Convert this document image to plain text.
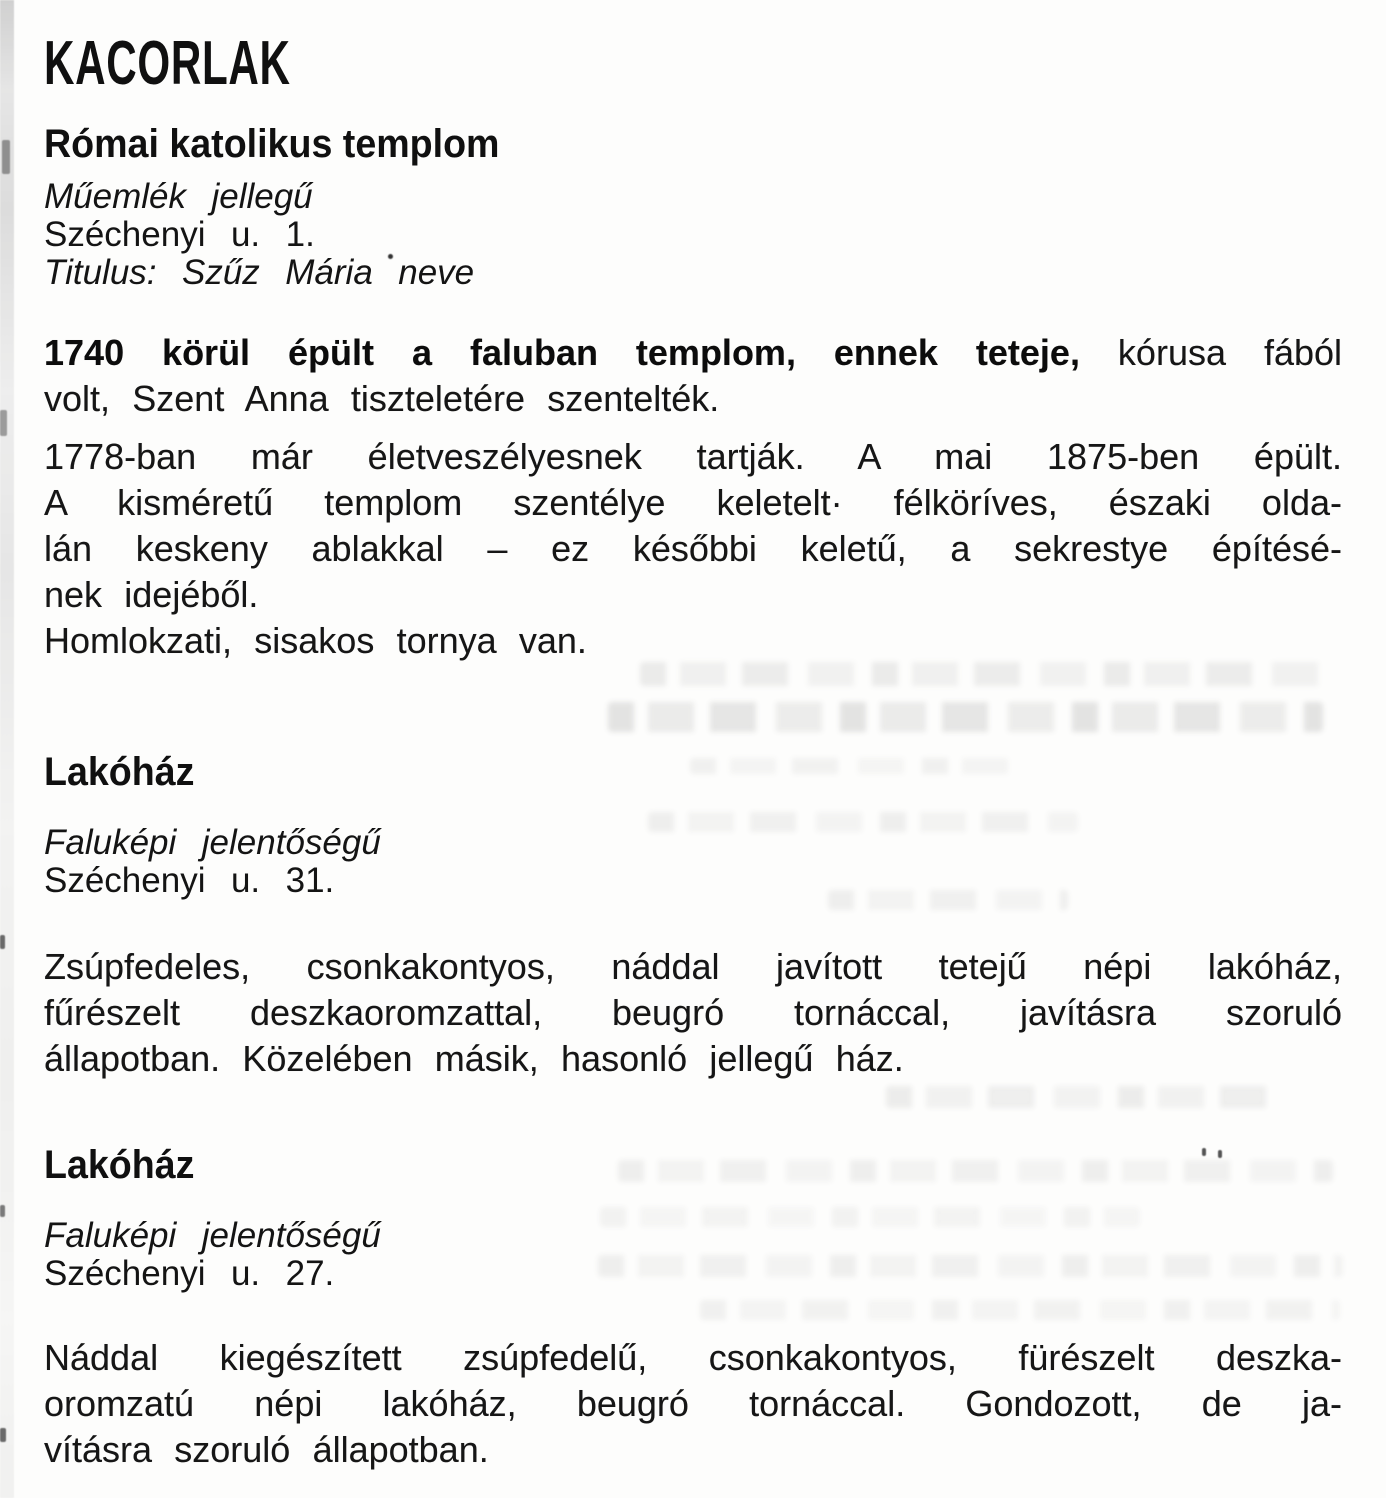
KACORLAK
Római katolikus templom

Műemlék jellegű

Széchenyi u. 1.

Titulus: Szűz Mária neve

1740 körül épült a faluban templom, ennek teteje, kórusa fából
volt, Szent Anna tiszteletére szentelték.
1778-ban már életveszélyesnek tartják. A mai 1875-ben épült.
A kisméretű templom szentélye keletelt· félköríves, északi olda-
lán keskeny ablakkal – ez későbbi keletű, a sekrestye építésé-
nek idejéből.
Homlokzati, sisakos tornya van.
Lakóház

Faluképi jelentőségű

Széchenyi u. 31.

Zsúpfedeles, csonkakontyos, náddal javított tetejű népi lakóház,
fűrészelt deszkaoromzattal, beugró tornáccal, javításra szoruló
állapotban. Közelében másik, hasonló jellegű ház.
Lakóház

Faluképi jelentőségű

Széchenyi u. 27.

Náddal kiegészített zsúpfedelű, csonkakontyos, fürészelt deszka-
oromzatú népi lakóház, beugró tornáccal. Gondozott, de ja-
vításra szoruló állapotban.
